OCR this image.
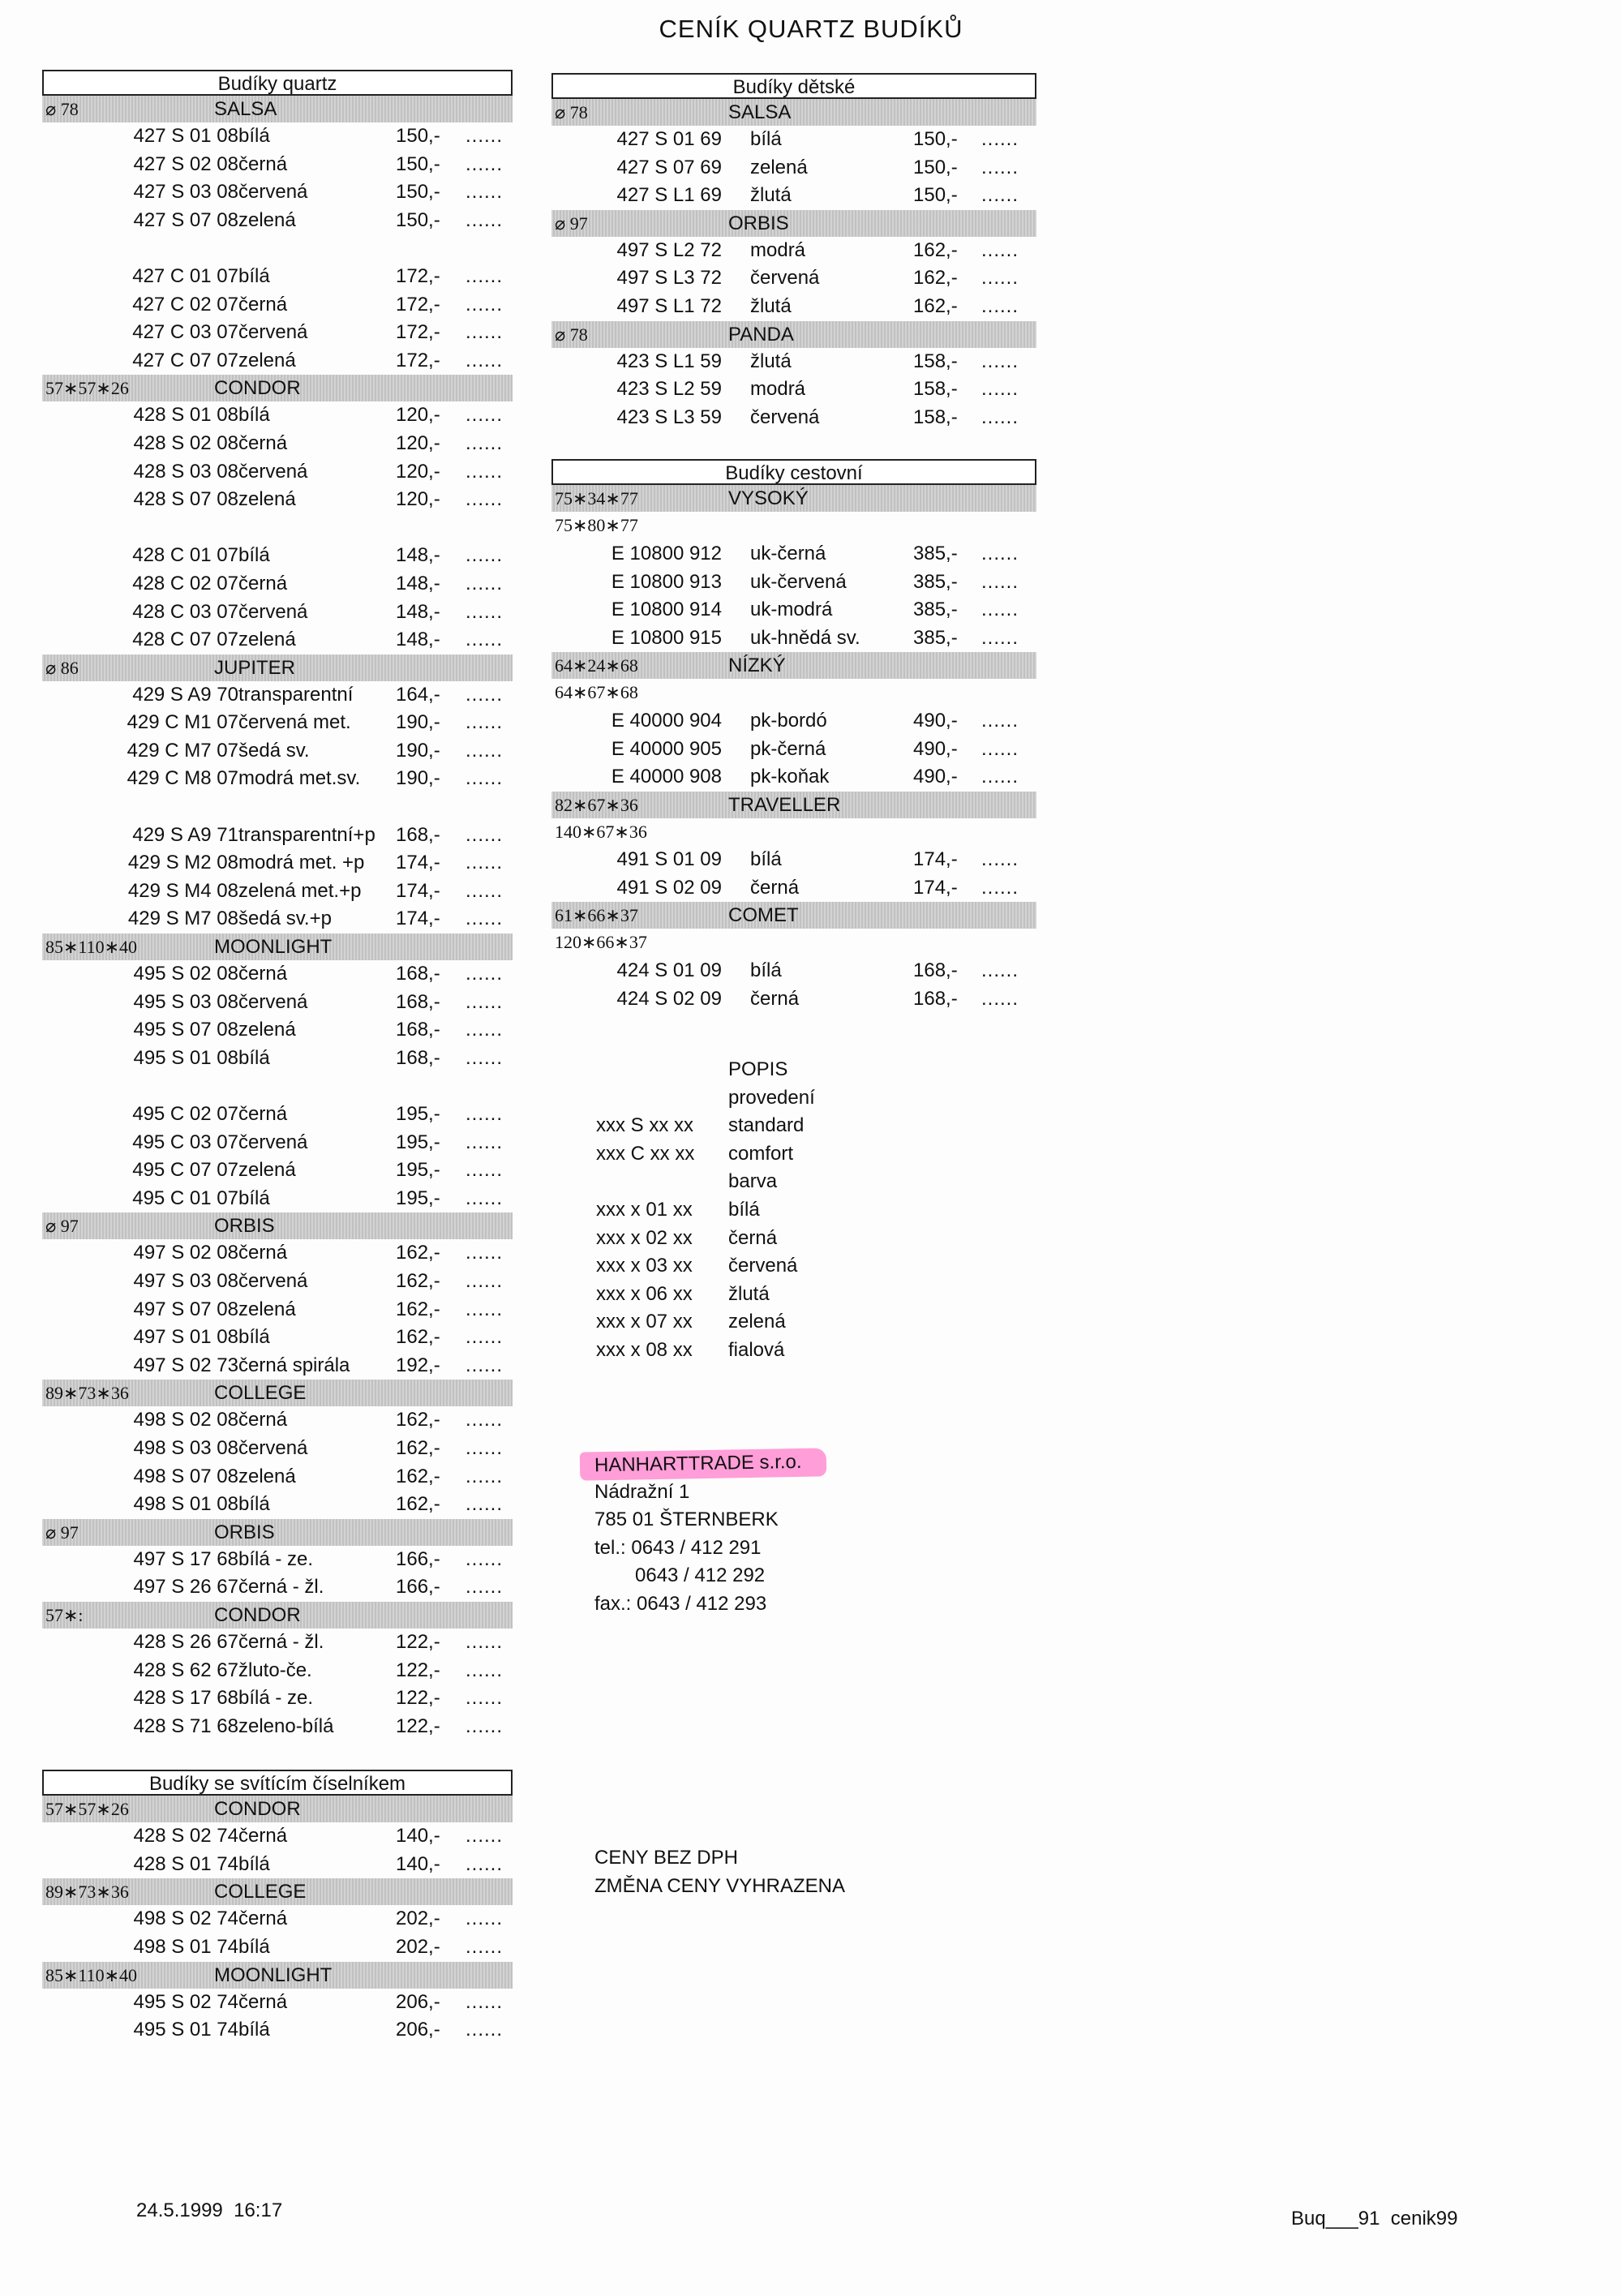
CENÍK QUARTZ BUDÍKŮ
Budíky quartz
⌀ 78	SALSA
427 S 01 08 bílá	150,- ......
427 S 02 08 černá	150,- ......
427 S 03 08 červená	150,- ......
427 S 07 08 zelená	150,- ......
427 C 01 07 bílá	172,- ......
427 C 02 07 černá	172,- ......
427 C 03 07 červená	172,- ......
427 C 07 07 zelená	172,- ......
57∗57∗26	CONDOR
428 S 01 08 bílá	120,- ......
428 S 02 08 černá	120,- ......
428 S 03 08 červená	120,- ......
428 S 07 08 zelená	120,- ......
428 C 01 07 bílá	148,- ......
428 C 02 07 černá	148,- ......
428 C 03 07 červená	148,- ......
428 C 07 07 zelená	148,- ......
⌀ 86	JUPITER
429 S A9 70 transparentní 164,- ......
429 C M1 07 červená met. 190,- ......
429 C M7 07 šedá sv.	190,- ......
429 C M8 07 modrá met.sv. 190,- ......
429 S A9 71 transparentní+p 168,- ......
429 S M2 08 modrá met. +p 174,- ......
429 S M4 08 zelená met.+p 174,- ......
429 S M7 08 šedá sv.+p	174,- ......
85∗110∗40	MOONLIGHT
495 S 02 08 černá	168,- ......
495 S 03 08 červená	168,- ......
495 S 07 08 zelená	168,- ......
495 S 01 08 bílá	168,- ......
495 C 02 07 černá	195,- ......
495 C 03 07 červená	195,- ......
495 C 07 07 zelená	195,- ......
495 C 01 07 bílá	195,- ......
⌀ 97	ORBIS
497 S 02 08 černá	162,- ......
497 S 03 08 červená	162,- ......
497 S 07 08 zelená	162,- ......
497 S 01 08 bílá	162,- ......
497 S 02 73 černá spirála 192,- ......
89∗73∗36	COLLEGE
498 S 02 08 černá	162,- ......
498 S 03 08 červená	162,- ......
498 S 07 08 zelená	162,- ......
498 S 01 08 bílá	162,- ......
⌀ 97	ORBIS
497 S 17 68 bílá - ze.	166,- ......
497 S 26 67 černá - žl.	166,- ......
57∗:	CONDOR
428 S 26 67 černá - žl.	122,- ......
428 S 62 67 žluto-če.	122,- ......
428 S 17 68 bílá - ze.	122,- ......
428 S 71 68 zeleno-bílá	122,- ......
Budíky se svítícím číselníkem
57∗57∗26	CONDOR
428 S 02 74 černá	140,- ......
428 S 01 74 bílá	140,- ......
89∗73∗36	COLLEGE
498 S 02 74 černá	202,- ......
498 S 01 74 bílá	202,- ......
85∗110∗40	MOONLIGHT
495 S 02 74 černá	206,- ......
495 S 01 74 bílá	206,- ......
Budíky dětské
⌀ 78	SALSA
427 S 01 69 bílá	150,- ......
427 S 07 69 zelená	150,- ......
427 S L1 69 žlutá	150,- ......
⌀ 97	ORBIS
497 S L2 72 modrá	162,- ......
497 S L3 72 červená	162,- ......
497 S L1 72 žlutá	162,- ......
⌀ 78	PANDA
423 S L1 59 žlutá	158,- ......
423 S L2 59 modrá	158,- ......
423 S L3 59 červená	158,- ......
Budíky cestovní
75∗34∗77	VYSOKÝ
75∗80∗77
E 10800 912 uk-černá	385,- ......
E 10800 913 uk-červená	385,- ......
E 10800 914 uk-modrá	385,- ......
E 10800 915 uk-hnědá sv.	385,- ......
64∗24∗68	NÍZKÝ
64∗67∗68
E 40000 904 pk-bordó	490,- ......
E 40000 905 pk-černá	490,- ......
E 40000 908 pk-koňak	490,- ......
82∗67∗36	TRAVELLER
140∗67∗36
491 S 01 09 bílá	174,- ......
491 S 02 09 černá	174,- ......
61∗66∗37	COMET
120∗66∗37
424 S 01 09 bílá	168,- ......
424 S 02 09 černá	168,- ......
POPIS
provedení
xxx S xx xx standard
xxx C xx xx comfort
barva
xxx x 01 xx bílá
xxx x 02 xx černá
xxx x 03 xx červená
xxx x 06 xx žlutá
xxx x 07 xx zelená
xxx x 08 xx fialová
HANHARTTRADE s.r.o.
Nádražní 1
785 01 ŠTERNBERK
tel.: 0643 / 412 291
0643 / 412 292
fax.: 0643 / 412 293
CENY BEZ DPH
ZMĚNA CENY VYHRAZENA
24.5.1999  16:17	Buq___91  cenik99
